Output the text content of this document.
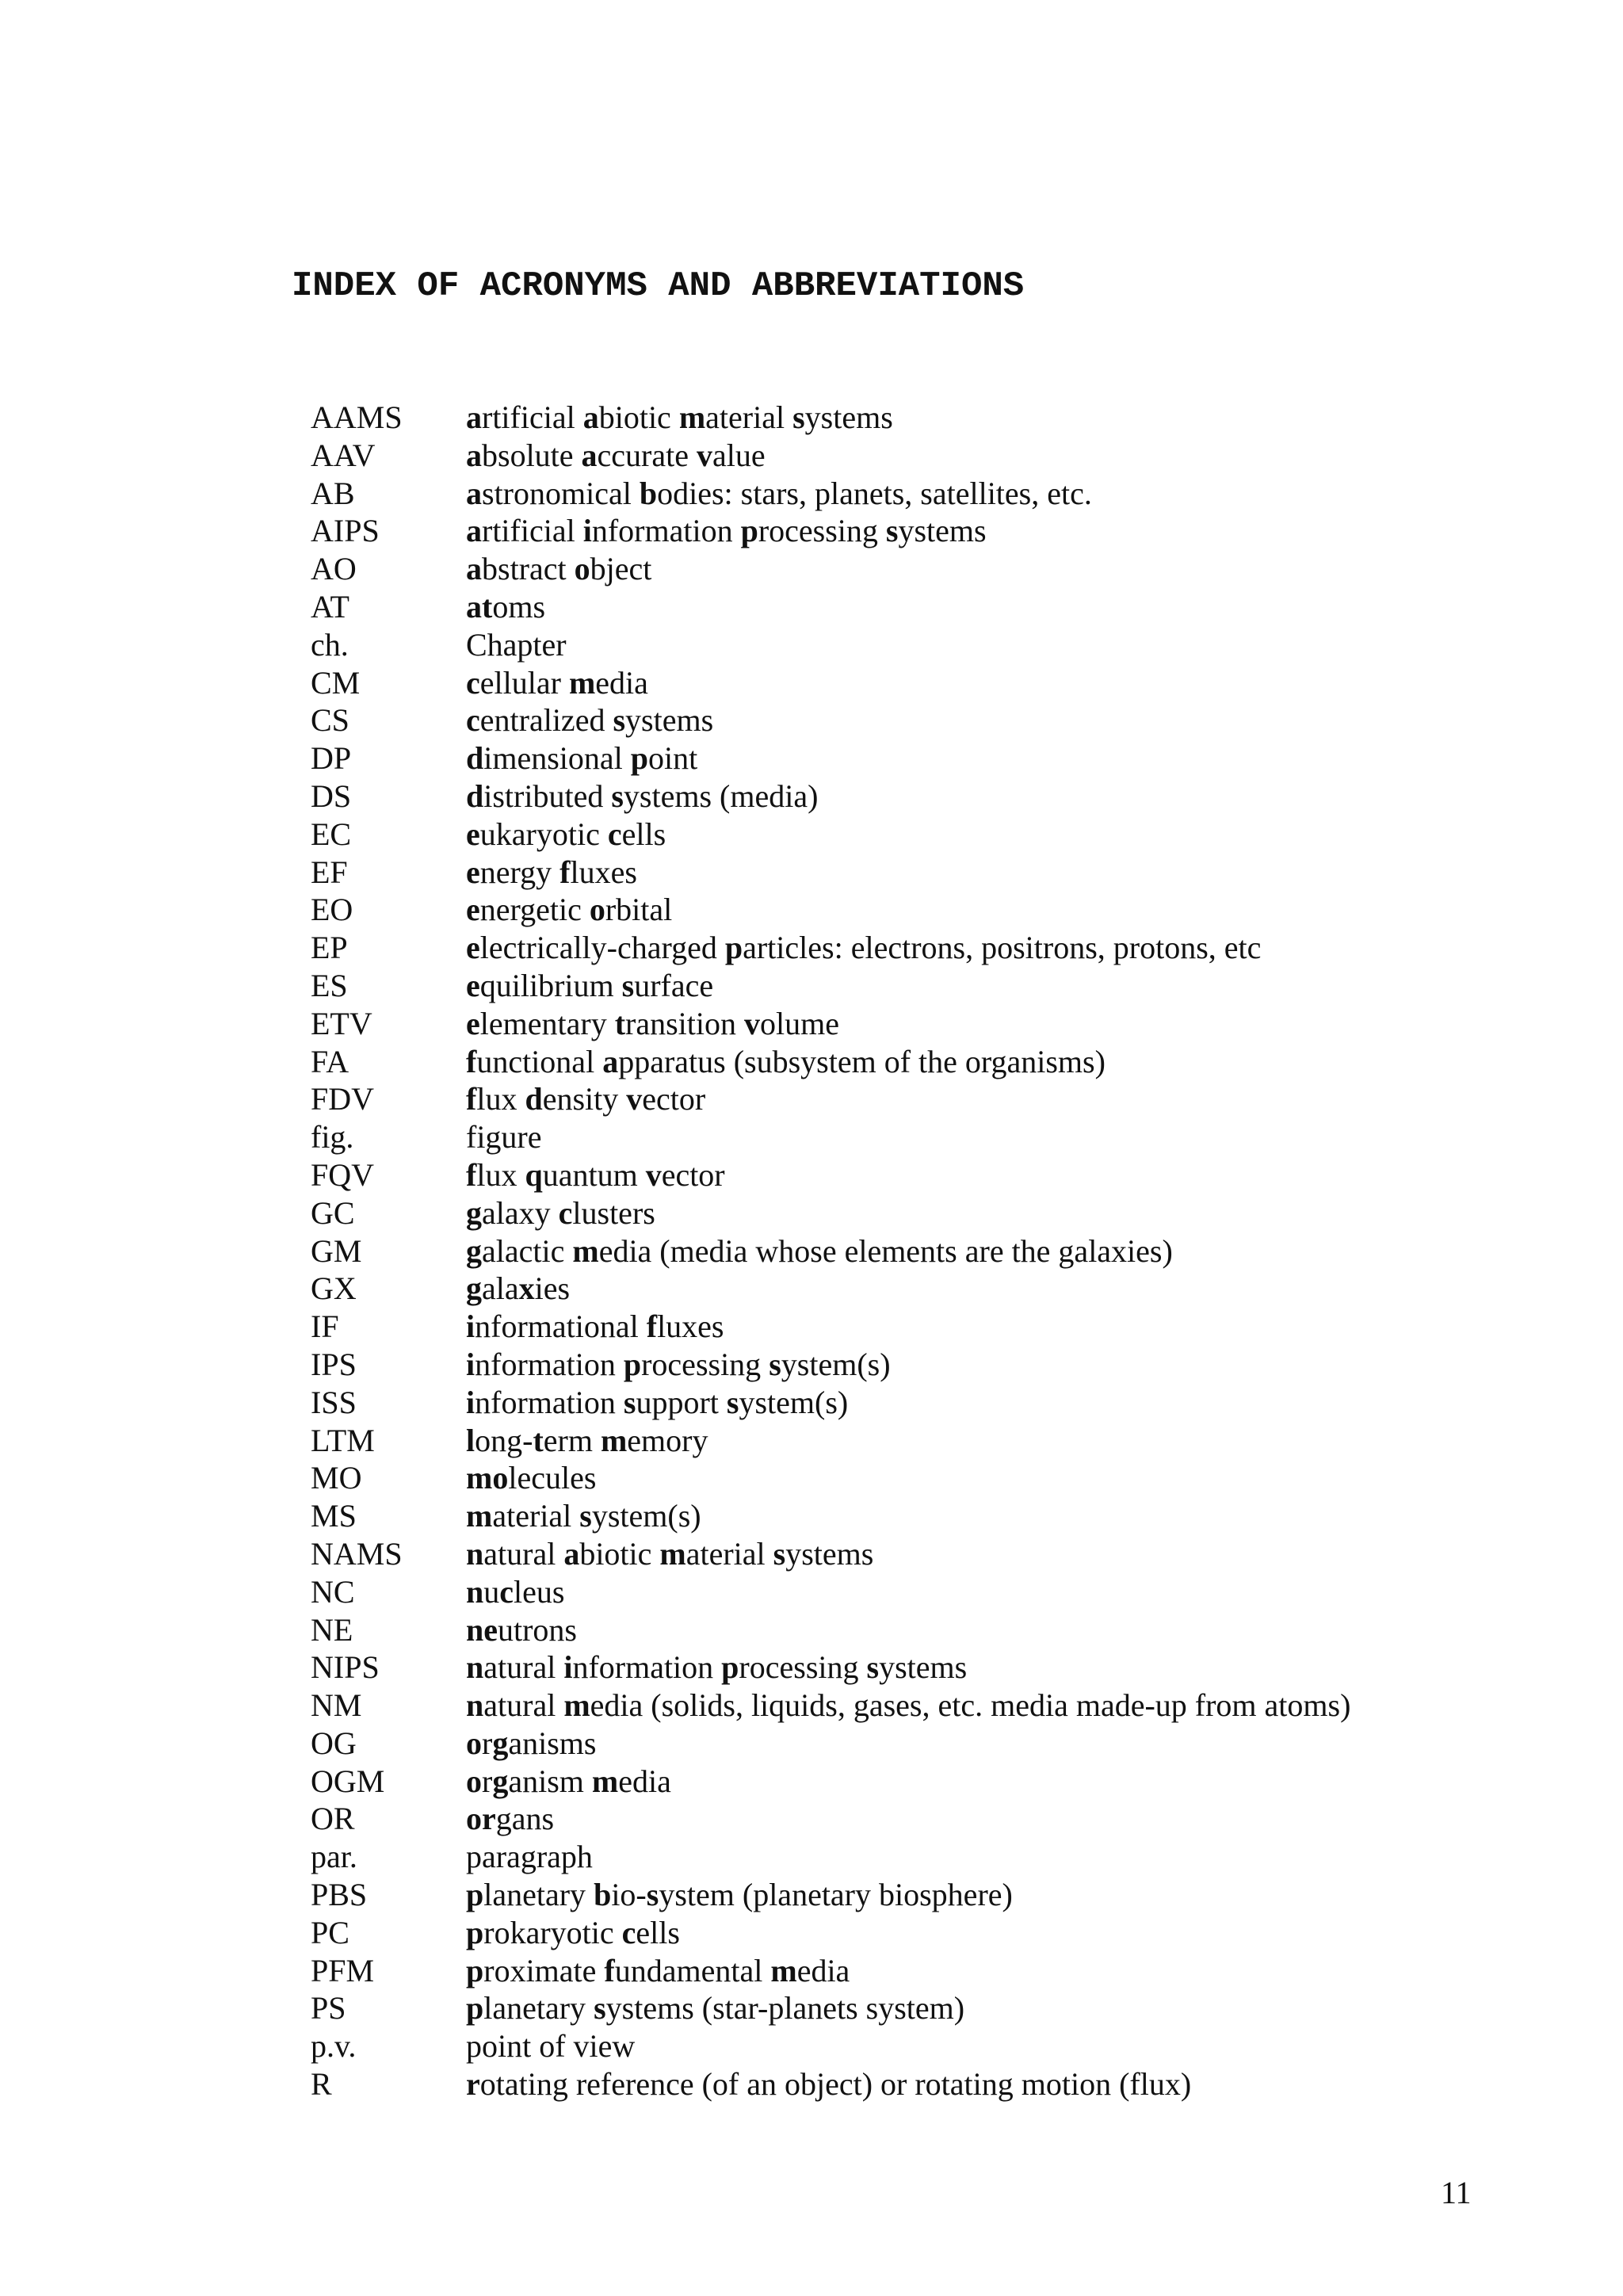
INDEX OF ACRONYMS AND ABBREVIATIONS
AAMS artificial abiotic material systems
AAV	absolute accurate value
AB	astronomical bodies: stars, planets, satellites, etc.
AIPS	artificial information processing systems
AO	abstract object
AT	atoms
ch.	Chapter
CM	cellular media
CS	centralized systems
DP	dimensional point
DS	distributed systems (media)
EC	eukaryotic cells
EF	energy fluxes
EO	energetic orbital
EP	electrically-charged particles: electrons, positrons, protons, etc
ES	equilibrium surface
ETV	elementary transition volume
FA	functional apparatus (subsystem of the organisms)
FDV	flux density vector
fig.	figure
FQV	flux quantum vector
GC	galaxy clusters
GM	galactic media (media whose elements are the galaxies)
GX	galaxies
IF	informational fluxes
IPS	information processing system(s)
ISS	information support system(s)
LTM	long-term memory
MO	molecules
MS	material system(s)
NAMS natural abiotic material systems
NC	nucleus
NE	neutrons
NIPS	natural information processing systems
NM	natural media (solids, liquids, gases, etc. media made-up from atoms)
OG	organisms
OGM	organism media
OR	organs
par.	paragraph
PBS	planetary bio-system (planetary biosphere)
PC	prokaryotic cells
PFM	proximate fundamental media
PS	planetary systems (star-planets system)
p.v.	point of view
R	rotating reference (of an object) or rotating motion (flux)
11
